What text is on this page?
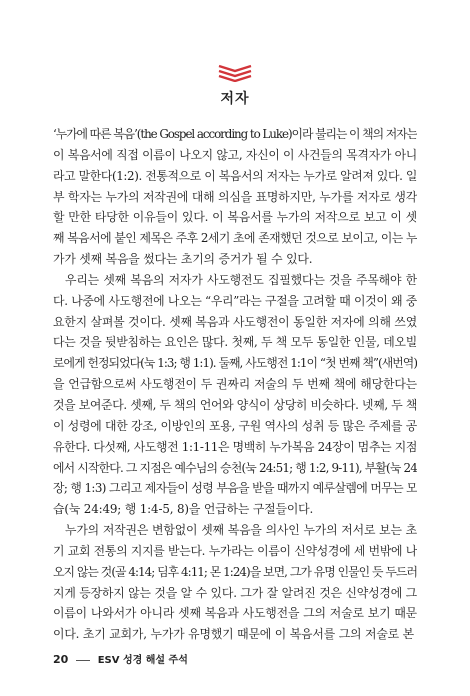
저자
‘누가에 따른 복음’(the Gospel according to Luke)이라 불리는 이 책의 저자는
이 복음서에 직접 이름이 나오지 않고, 자신이 이 사건들의 목격자가 아니
라고 말한다(1:2). 전통적으로 이 복음서의 저자는 누가로 알려져 있다. 일
부 학자는 누가의 저작권에 대해 의심을 표명하지만, 누가를 저자로 생각
할 만한 타당한 이유들이 있다. 이 복음서를 누가의 저작으로 보고 이 셋
째 복음서에 붙인 제목은 주후 2세기 초에 존재했던 것으로 보이고, 이는 누
가가 셋째 복음을 썼다는 초기의 증거가 될 수 있다.
우리는 셋째 복음의 저자가 사도행전도 집필했다는 것을 주목해야 한
다. 나중에 사도행전에 나오는 “우리”라는 구절을 고려할 때 이것이 왜 중
요한지 살펴볼 것이다. 셋째 복음과 사도행전이 동일한 저자에 의해 쓰였
다는 것을 뒷받침하는 요인은 많다. 첫째, 두 책 모두 동일한 인물, 데오빌
로에게 헌정되었다(눅 1:3; 행 1:1). 둘째, 사도행전 1:1이 “첫 번째 책”(새번역)
을 언급함으로써 사도행전이 두 권짜리 저술의 두 번째 책에 해당한다는
것을 보여준다. 셋째, 두 책의 언어와 양식이 상당히 비슷하다. 넷째, 두 책
이 성령에 대한 강조, 이방인의 포용, 구원 역사의 성취 등 많은 주제를 공
유한다. 다섯째, 사도행전 1:1-11은 명백히 누가복음 24장이 멈추는 지점
에서 시작한다. 그 지점은 예수님의 승천(눅 24:51; 행 1:2, 9-11), 부활(눅 24
장; 행 1:3) 그리고 제자들이 성령 부음을 받을 때까지 예루살렘에 머무는 모
습(눅 24:49; 행 1:4-5, 8)을 언급하는 구절들이다.
누가의 저작권은 변함없이 셋째 복음을 의사인 누가의 저서로 보는 초
기 교회 전통의 지지를 받는다. 누가라는 이름이 신약성경에 세 번밖에 나
오지 않는 것(골 4:14; 딤후 4:11; 몬 1:24)을 보면, 그가 유명 인물인 듯 두드러
지게 등장하지 않는 것을 알 수 있다. 그가 잘 알려진 것은 신약성경에 그
이름이 나와서가 아니라 셋째 복음과 사도행전을 그의 저술로 보기 때문
이다. 초기 교회가, 누가가 유명했기 때문에 이 복음서를 그의 저술로 본
20	ESV 성경 해설 주석
